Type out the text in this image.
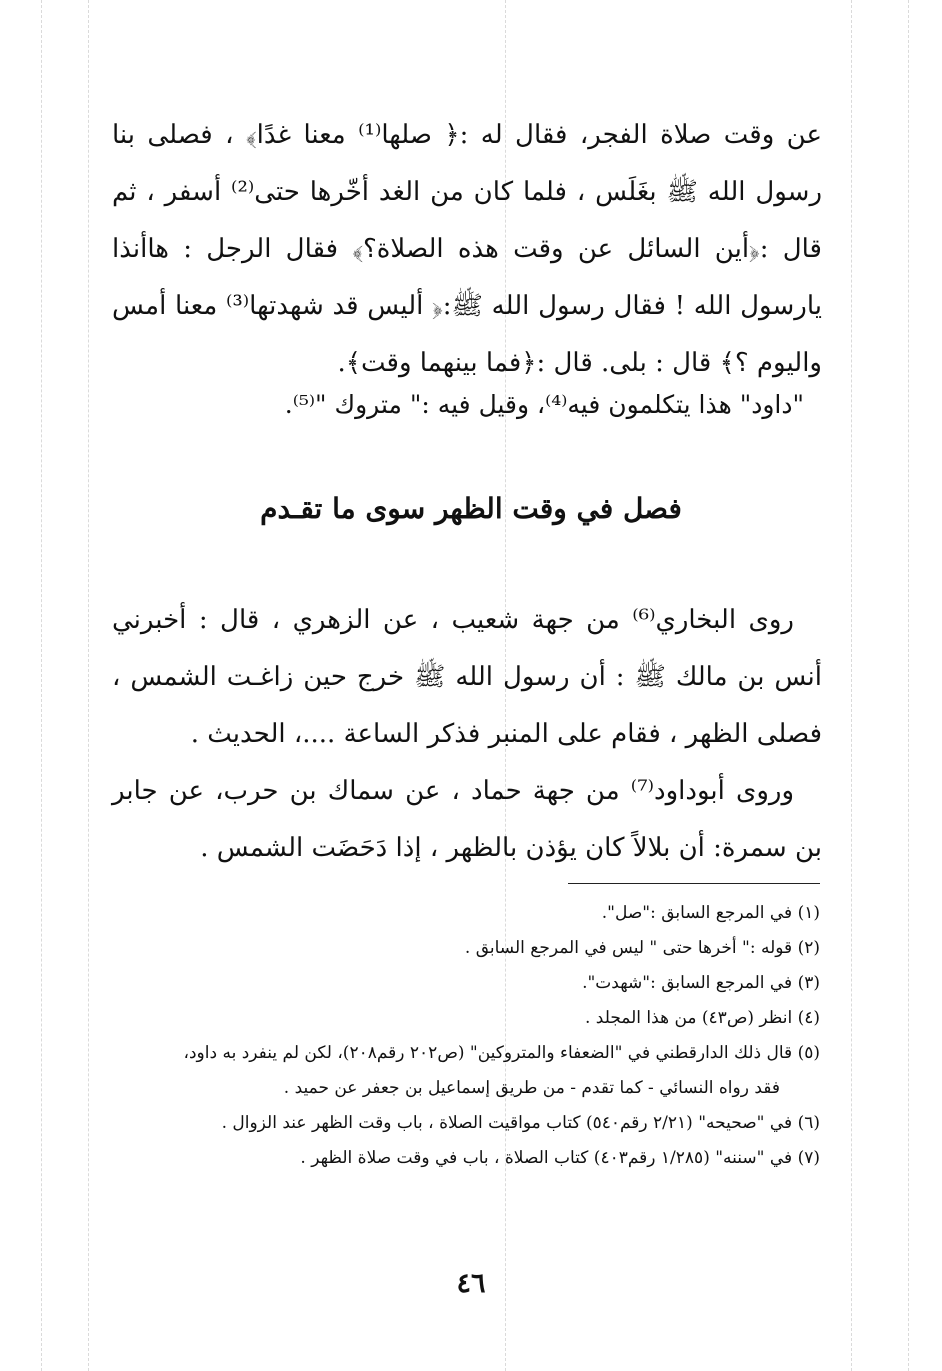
عن وقت صلاة الفجر، فقال له :﴿ صلها⁽¹⁾ معنا غدًا﴾ ، فصلى بنا رسول الله ﷺ بغَلَس ، فلما كان من الغد أخّرها حتى⁽²⁾ أسفر ، ثم قال :﴿أين السائل عن وقت هذه الصلاة؟﴾ فقال الرجل : هاأنذا يارسول الله ! فقال رسول الله ﷺ:﴿ أليس قد شهدتها⁽³⁾ معنا أمس واليوم ؟﴾ قال : بلى. قال :﴿فما بينهما وقت﴾.

"داود" هذا يتكلمون فيه⁽⁴⁾، وقيل فيه :" متروك "⁽⁵⁾.

فصل في وقت الظهر سوى ما تقـدم

روى البخاري⁽⁶⁾ من جهة شعيب ، عن الزهري ، قال : أخبرني أنس بن مالك ﷺ : أن رسول الله ﷺ خرج حين زاغـت الشمس ، فصلى الظهر ، فقام على المنبر فذكر الساعة ....، الحديث .

وروى أبوداود⁽⁷⁾ من جهة حماد ، عن سماك بن حرب، عن جابر بن سمرة: أن بلالاً كان يؤذن بالظهر ، إذا دَحَضَت الشمس .

(١) في المرجع السابق :"صل".

(٢) قوله :" أخرها حتى " ليس في المرجع السابق .

(٣) في المرجع السابق :"شهدت".

(٤) انظر (ص٤٣) من هذا المجلد .

(٥) قال ذلك الدارقطني في "الضعفاء والمتروكين" (ص٢٠٢ رقم٢٠٨)، لكن لم ينفرد به داود،

فقد رواه النسائي - كما تقدم - من طريق إسماعيل بن جعفر عن حميد .

(٦) في "صحيحه" (٢/٢١ رقم٥٤٠) كتاب مواقيت الصلاة ، باب وقت الظهر عند الزوال .

(٧) في "سننه" (١/٢٨٥ رقم٤٠٣) كتاب الصلاة ، باب في وقت صلاة الظهر .

٤٦
